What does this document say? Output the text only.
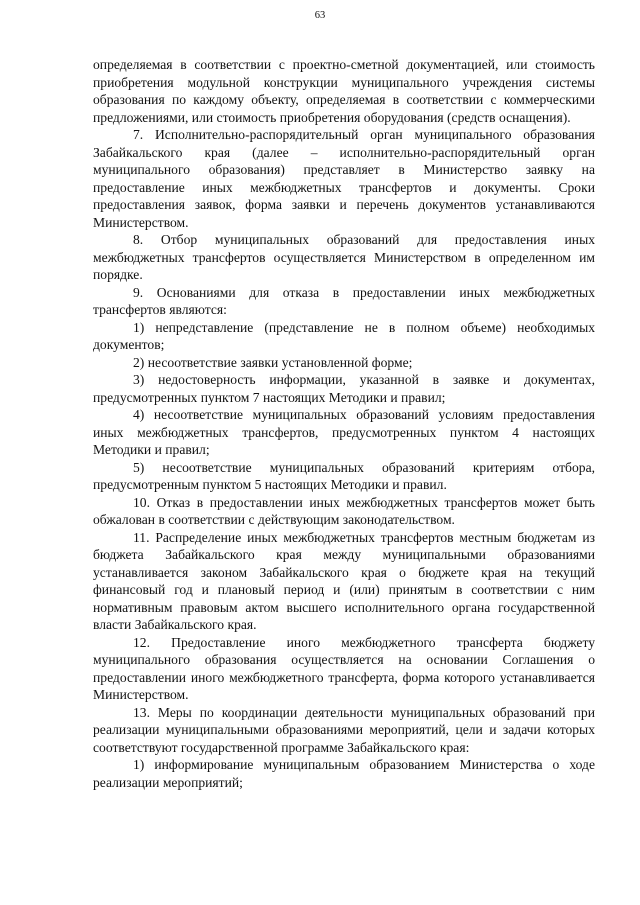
63

определяемая в соответствии с проектно-сметной документацией, или стоимость приобретения модульной конструкции муниципального учреждения системы образования по каждому объекту, определяемая в соответствии с коммерческими предложениями, или стоимость приобретения оборудования (средств оснащения).

7. Исполнительно-распорядительный орган муниципального образования Забайкальского края (далее – исполнительно-распорядительный орган муниципального образования) представляет в Министерство заявку на предоставление иных межбюджетных трансфертов и документы. Сроки предоставления заявок, форма заявки и перечень документов устанавливаются Министерством.

8. Отбор муниципальных образований для предоставления иных межбюджетных трансфертов осуществляется Министерством в определенном им порядке.

9. Основаниями для отказа в предоставлении иных межбюджетных трансфертов являются:

1) непредставление (представление не в полном объеме) необходимых документов;

2) несоответствие заявки установленной форме;

3) недостоверность информации, указанной в заявке и документах, предусмотренных пунктом 7 настоящих Методики и правил;

4) несоответствие муниципальных образований условиям предоставления иных межбюджетных трансфертов, предусмотренных пунктом 4 настоящих Методики и правил;

5) несоответствие муниципальных образований критериям отбора, предусмотренным пунктом 5 настоящих Методики и правил.

10. Отказ в предоставлении иных межбюджетных трансфертов может быть обжалован в соответствии с действующим законодательством.

11. Распределение иных межбюджетных трансфертов местным бюджетам из бюджета Забайкальского края между муниципальными образованиями устанавливается законом Забайкальского края о бюджете края на текущий финансовый год и плановый период и (или) принятым в соответствии с ним нормативным правовым актом высшего исполнительного органа государственной власти Забайкальского края.

12. Предоставление иного межбюджетного трансферта бюджету муниципального образования осуществляется на основании Соглашения о предоставлении иного межбюджетного трансферта, форма которого устанавливается Министерством.

13. Меры по координации деятельности муниципальных образований при реализации муниципальными образованиями мероприятий, цели и задачи которых соответствуют государственной программе Забайкальского края:

1) информирование муниципальным образованием Министерства о ходе реализации мероприятий;
